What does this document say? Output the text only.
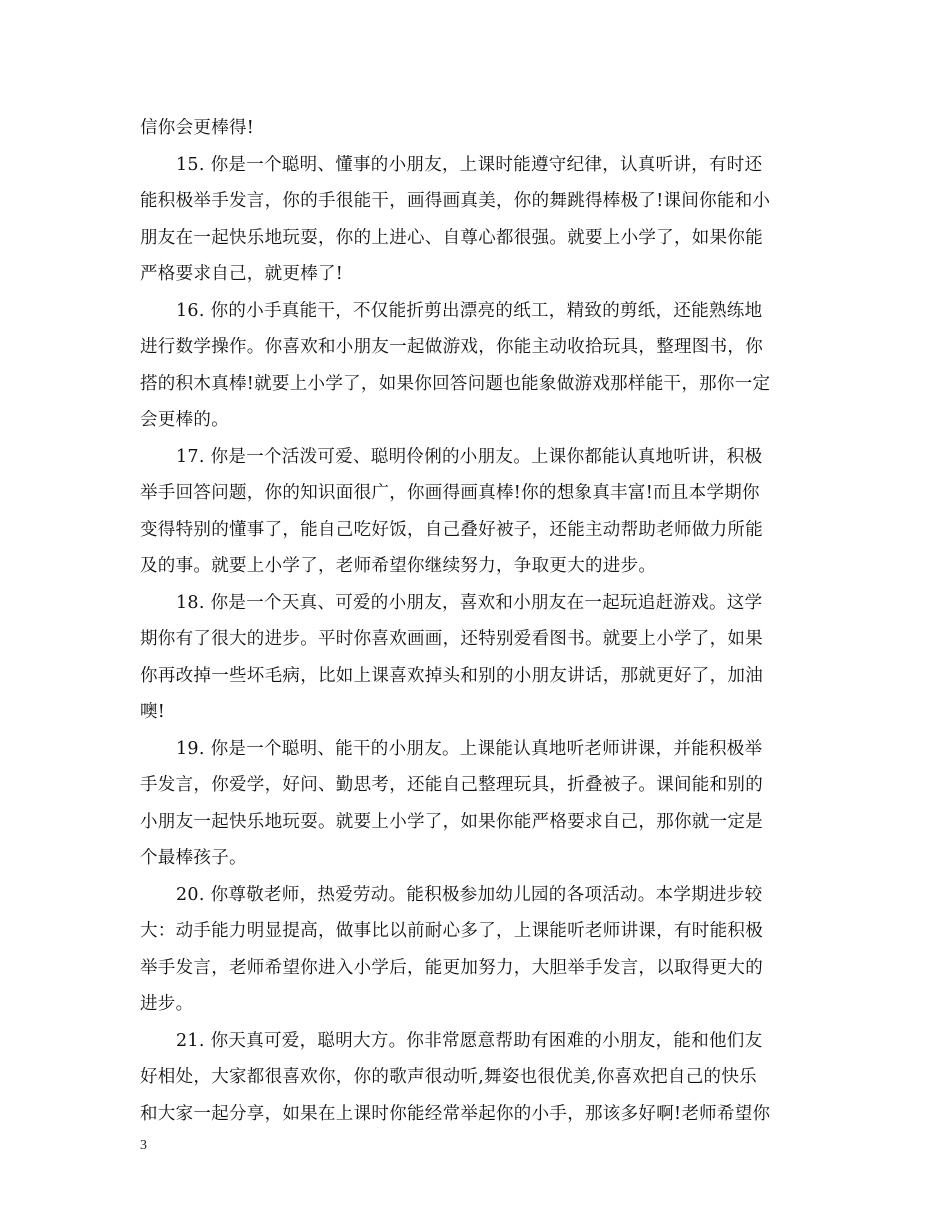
信你会更棒得!
15. 你是一个聪明、懂事的小朋友，上课时能遵守纪律，认真听讲，有时还
能积极举手发言，你的手很能干，画得画真美，你的舞跳得棒极了!课间你能和小
朋友在一起快乐地玩耍，你的上进心、自尊心都很强。就要上小学了，如果你能
严格要求自己，就更棒了!
16. 你的小手真能干，不仅能折剪出漂亮的纸工，精致的剪纸，还能熟练地
进行数学操作。你喜欢和小朋友一起做游戏，你能主动收拾玩具，整理图书，你
搭的积木真棒!就要上小学了，如果你回答问题也能象做游戏那样能干，那你一定
会更棒的。
17. 你是一个活泼可爱、聪明伶俐的小朋友。上课你都能认真地听讲，积极
举手回答问题，你的知识面很广，你画得画真棒!你的想象真丰富!而且本学期你
变得特别的懂事了，能自己吃好饭，自己叠好被子，还能主动帮助老师做力所能
及的事。就要上小学了，老师希望你继续努力，争取更大的进步。
18. 你是一个天真、可爱的小朋友，喜欢和小朋友在一起玩追赶游戏。这学
期你有了很大的进步。平时你喜欢画画，还特别爱看图书。就要上小学了，如果
你再改掉一些坏毛病，比如上课喜欢掉头和别的小朋友讲话，那就更好了，加油
噢!
19. 你是一个聪明、能干的小朋友。上课能认真地听老师讲课，并能积极举
手发言，你爱学，好问、勤思考，还能自己整理玩具，折叠被子。课间能和别的
小朋友一起快乐地玩耍。就要上小学了，如果你能严格要求自己，那你就一定是
个最棒孩子。
20. 你尊敬老师，热爱劳动。能积极参加幼儿园的各项活动。本学期进步较
大：动手能力明显提高，做事比以前耐心多了，上课能听老师讲课，有时能积极
举手发言，老师希望你进入小学后，能更加努力，大胆举手发言，以取得更大的
进步。
21. 你天真可爱，聪明大方。你非常愿意帮助有困难的小朋友，能和他们友
好相处，大家都很喜欢你，你的歌声很动听,舞姿也很优美,你喜欢把自己的快乐
和大家一起分享，如果在上课时你能经常举起你的小手，那该多好啊!老师希望你
3
